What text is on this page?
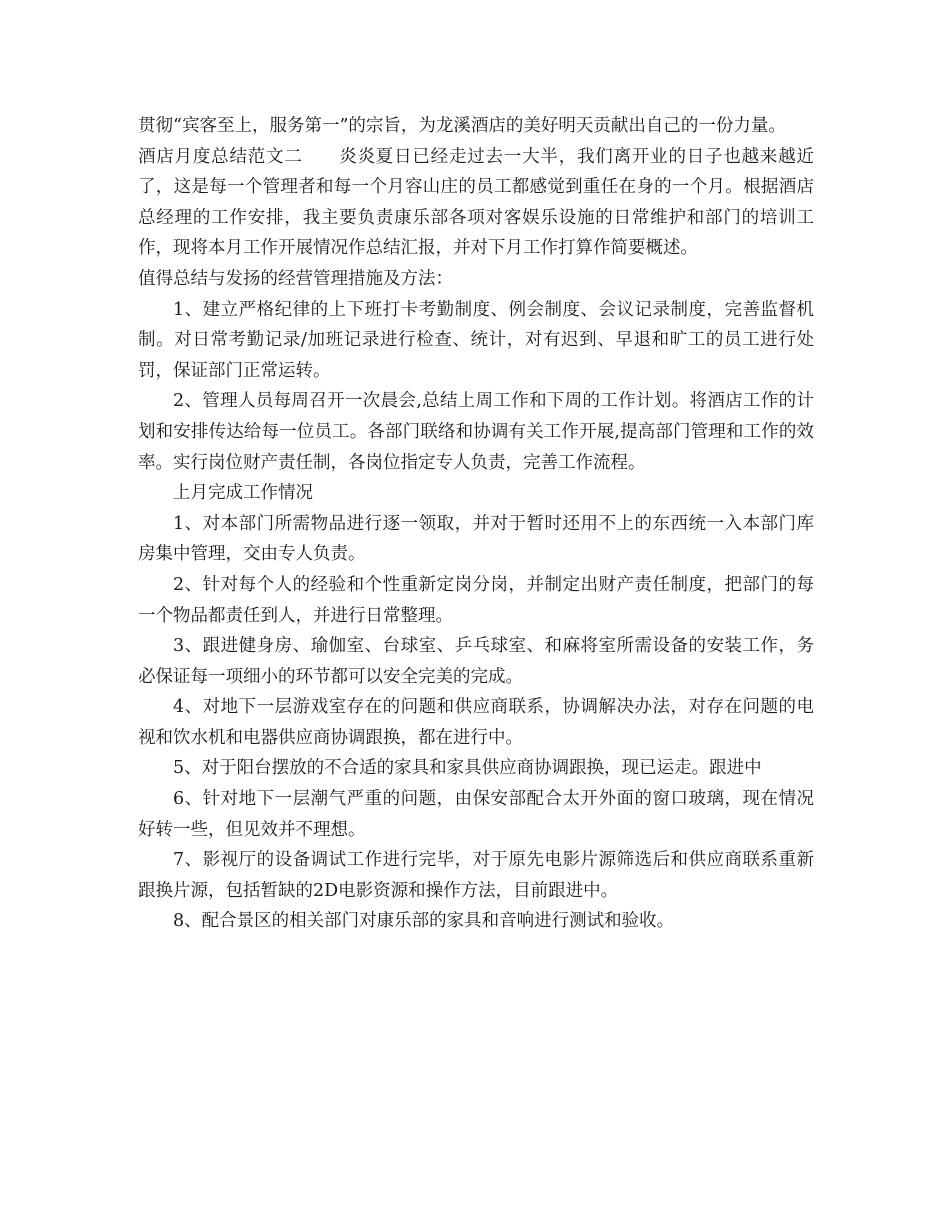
贯彻“宾客至上，服务第一”的宗旨，为龙溪酒店的美好明天贡献出自己的一份力量。

酒店月度总结范文二　　炎炎夏日已经走过去一大半，我们离开业的日子也越来越近了，这是每一个管理者和每一个月容山庄的员工都感觉到重任在身的一个月。根据酒店总经理的工作安排，我主要负责康乐部各项对客娱乐设施的日常维护和部门的培训工作，现将本月工作开展情况作总结汇报，并对下月工作打算作简要概述。

值得总结与发扬的经营管理措施及方法：

1、建立严格纪律的上下班打卡考勤制度、例会制度、会议记录制度，完善监督机制。对日常考勤记录/加班记录进行检查、统计，对有迟到、早退和旷工的员工进行处罚，保证部门正常运转。

2、管理人员每周召开一次晨会,总结上周工作和下周的工作计划。将酒店工作的计划和安排传达给每一位员工。各部门联络和协调有关工作开展,提高部门管理和工作的效率。实行岗位财产责任制，各岗位指定专人负责，完善工作流程。

上月完成工作情况

1、对本部门所需物品进行逐一领取，并对于暂时还用不上的东西统一入本部门库房集中管理，交由专人负责。

2、针对每个人的经验和个性重新定岗分岗，并制定出财产责任制度，把部门的每一个物品都责任到人，并进行日常整理。

3、跟进健身房、瑜伽室、台球室、乒乓球室、和麻将室所需设备的安装工作，务必保证每一项细小的环节都可以安全完美的完成。

4、对地下一层游戏室存在的问题和供应商联系，协调解决办法，对存在问题的电视和饮水机和电器供应商协调跟换，都在进行中。

5、对于阳台摆放的不合适的家具和家具供应商协调跟换，现已运走。跟进中

6、针对地下一层潮气严重的问题，由保安部配合太开外面的窗口玻璃，现在情况好转一些，但见效并不理想。

7、影视厅的设备调试工作进行完毕，对于原先电影片源筛选后和供应商联系重新跟换片源，包括暂缺的2D电影资源和操作方法，目前跟进中。

8、配合景区的相关部门对康乐部的家具和音响进行测试和验收。
